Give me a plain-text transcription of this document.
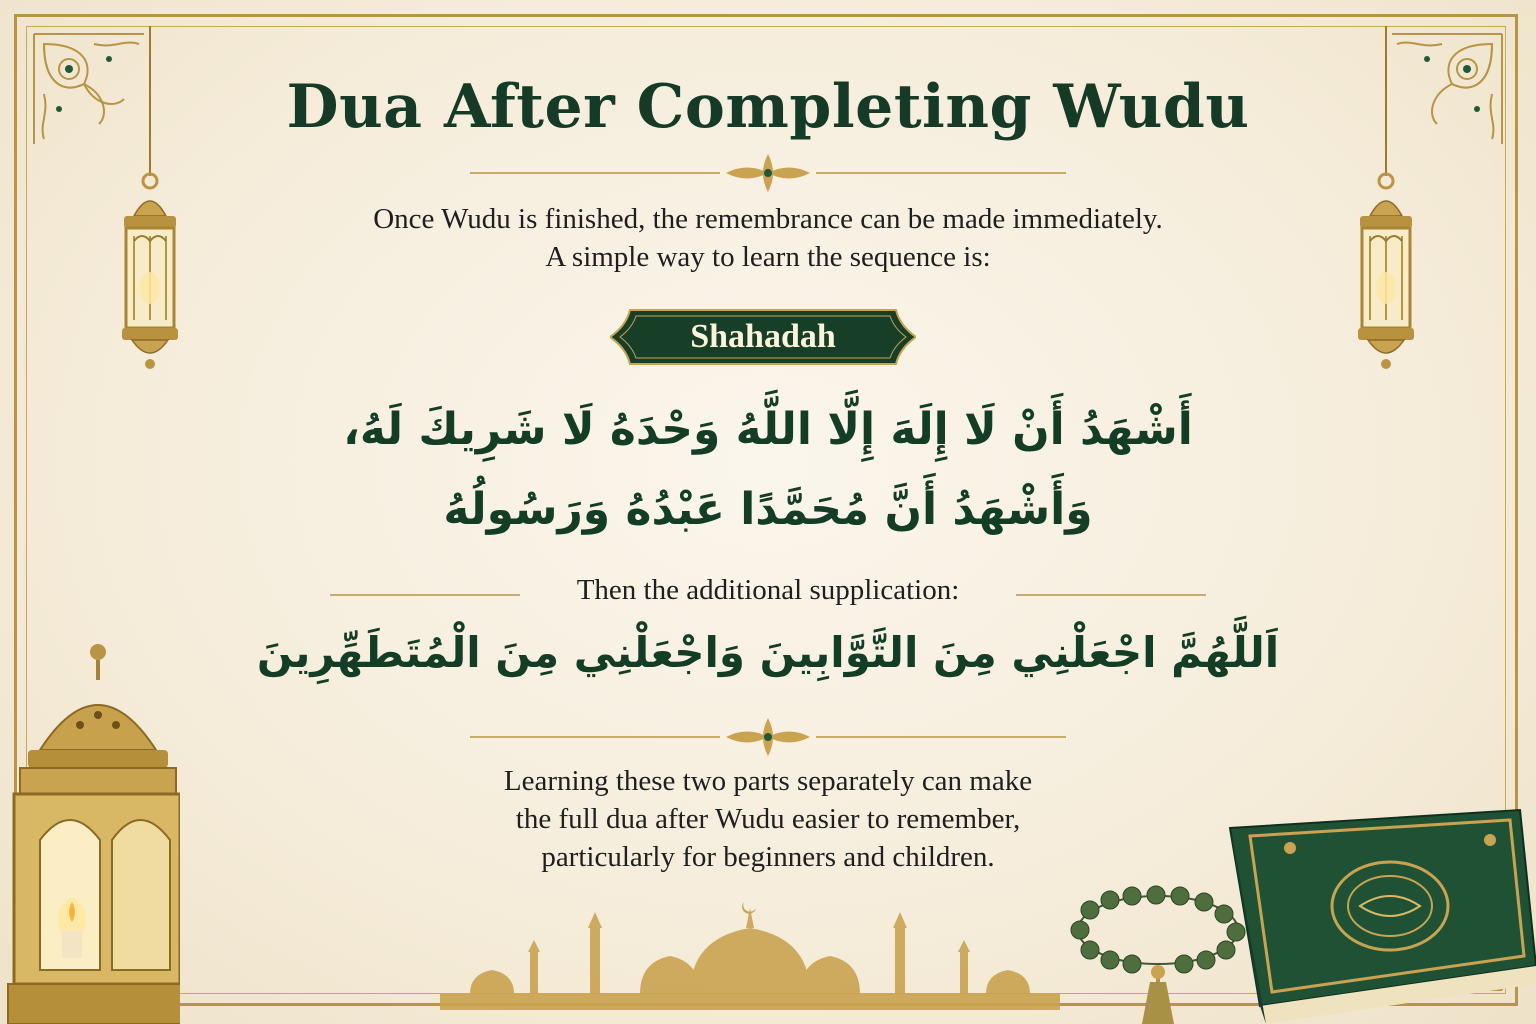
Dua After Completing Wudu
Once Wudu is finished, the remembrance can be made immediately.
A simple way to learn the sequence is:
Shahadah
أَشْهَدُ أَنْ لَا إِلَهَ إِلَّا اللَّهُ وَحْدَهُ لَا شَرِيكَ لَهُ،
وَأَشْهَدُ أَنَّ مُحَمَّدًا عَبْدُهُ وَرَسُولُهُ
Then the additional supplication:
اَللَّهُمَّ اجْعَلْنِي مِنَ التَّوَّابِينَ وَاجْعَلْنِي مِنَ الْمُتَطَهِّرِينَ
Learning these two parts separately can make
the full dua after Wudu easier to remember,
particularly for beginners and children.
